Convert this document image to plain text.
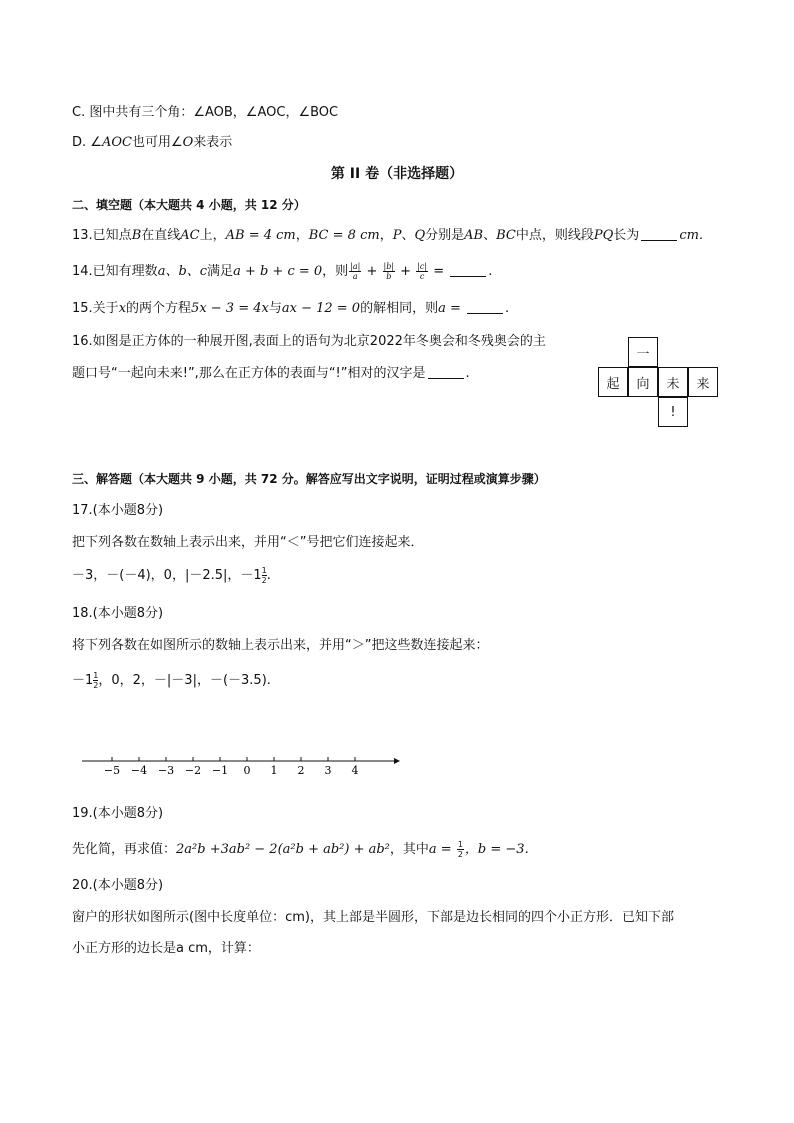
C. 图中共有三个角：∠AOB，∠AOC，∠BOC
D. ∠AOC也可用∠O来表示
第 II 卷（非选择题）
二、填空题（本大题共 4 小题，共 12 分）
13.已知点B在直线AC上，AB = 4 cm，BC = 8 cm，P、Q分别是AB、BC中点，则线段PQ长为	cm.
14.已知有理数a、b、c满足a + b + c = 0，则 $\frac{|a|}{a} + \frac{|b|}{b} + \frac{|c|}{c}$ =	.
15.关于x的两个方程5x − 3 = 4x与ax − 12 = 0的解相同，则a =	.
16.如图是正方体的一种展开图,表面上的语句为北京2022年冬奥会和冬残奥会的主
题口号“一起向未来!”,那么在正方体的表面与“!”相对的汉字是	.
一
起	向	未	来
!
三、解答题（本大题共 9 小题，共 72 分。解答应写出文字说明，证明过程或演算步骤）
17.(本小题8分)
把下列各数在数轴上表示出来，并用“＜”号把它们连接起来．
－3，－(－4)，0，|－2.5|，$-1 \frac{1}{2}$ .
18.(本小题8分)
将下列各数在如图所示的数轴上表示出来，并用“＞”把这些数连接起来：
$-1 \frac{1}{2}$ ，0，2，－|－3|，－(－3.5).
−5 −4 −3 −2 −1 0 1 2 3 4
19.(本小题8分)
先化简，再求值：2a²b +3ab² − 2(a²b + ab²) + ab²，其中$a = \frac{1}{2}$ ，b = −3.
20.(本小题8分)
窗户的形状如图所示(图中长度单位：cm)，其上部是半圆形，下部是边长相同的四个小正方形．已知下部
小正方形的边长是a cm，计算：
